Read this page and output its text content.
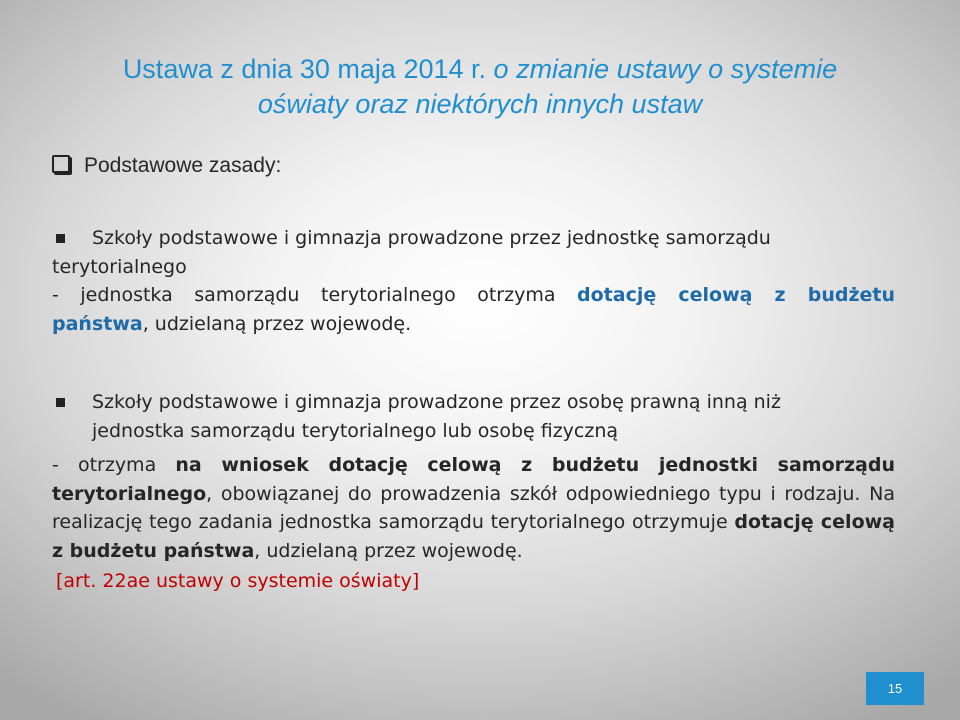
Ustawa z dnia 30 maja 2014 r. o zmianie ustawy o systemie
oświaty oraz niektórych innych ustaw
Podstawowe zasady:
Szkoły podstawowe i gimnazja prowadzone przez jednostkę samorządu
terytorialnego
- jednostka samorządu terytorialnego otrzyma dotację celową z budżetu
państwa, udzielaną przez wojewodę.
Szkoły podstawowe i gimnazja prowadzone przez osobę prawną inną niż
jednostka samorządu terytorialnego lub osobę fizyczną
- otrzyma na wniosek dotację celową z budżetu jednostki samorządu terytorialnego, obowiązanej do prowadzenia szkół odpowiedniego typu i rodzaju. Na realizację tego zadania jednostka samorządu terytorialnego otrzymuje dotację celową z budżetu państwa, udzielaną przez wojewodę.
[art. 22ae ustawy o systemie oświaty]
15
